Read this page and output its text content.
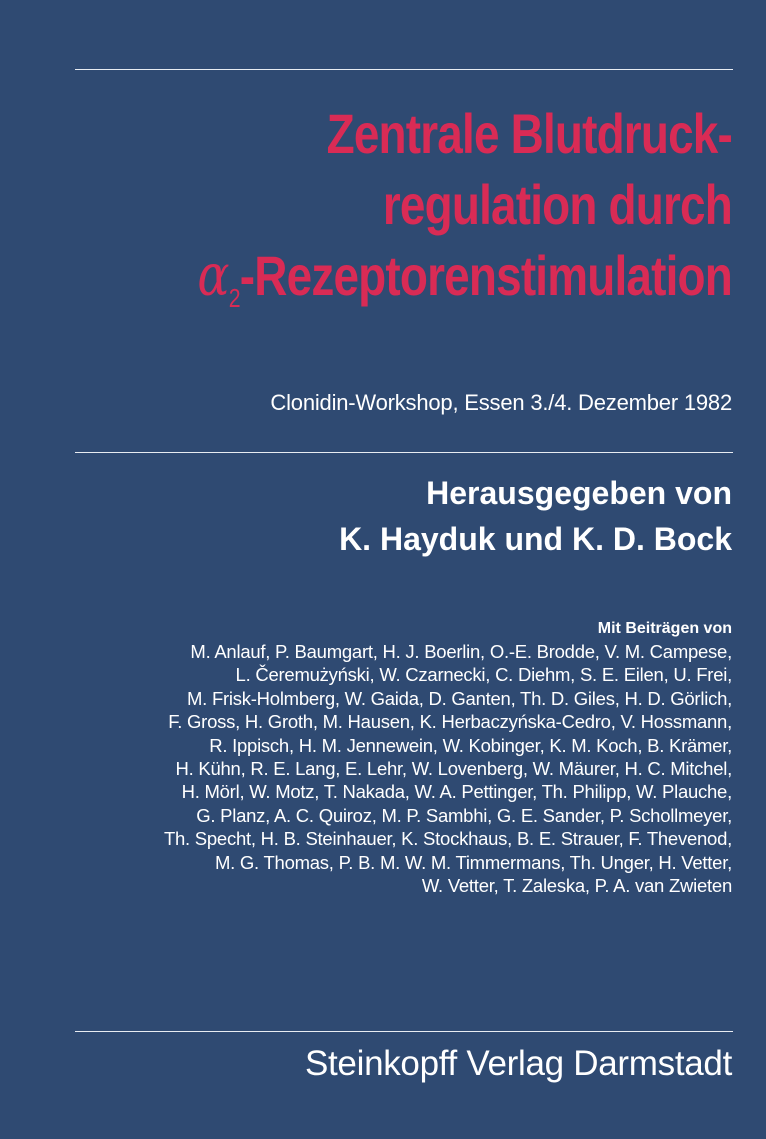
Zentrale Blutdruck-
regulation durch
$\alpha_2$-Rezeptorenstimulation
Clonidin-Workshop, Essen 3./4. Dezember 1982
Herausgegeben von
K. Hayduk und K. D. Bock
Mit Beiträgen von
M. Anlauf, P. Baumgart, H. J. Boerlin, O.-E. Brodde, V. M. Campese,
L. Čeremużyński, W. Czarnecki, C. Diehm, S. E. Eilen, U. Frei,
M. Frisk-Holmberg, W. Gaida, D. Ganten, Th. D. Giles, H. D. Görlich,
F. Gross, H. Groth, M. Hausen, K. Herbaczyńska-Cedro, V. Hossmann,
R. Ippisch, H. M. Jennewein, W. Kobinger, K. M. Koch, B. Krämer,
H. Kühn, R. E. Lang, E. Lehr, W. Lovenberg, W. Mäurer, H. C. Mitchel,
H. Mörl, W. Motz, T. Nakada, W. A. Pettinger, Th. Philipp, W. Plauche,
G. Planz, A. C. Quiroz, M. P. Sambhi, G. E. Sander, P. Schollmeyer,
Th. Specht, H. B. Steinhauer, K. Stockhaus, B. E. Strauer, F. Thevenod,
M. G. Thomas, P. B. M. W. M. Timmermans, Th. Unger, H. Vetter,
W. Vetter, T. Zaleska, P. A. van Zwieten
Steinkopff Verlag Darmstadt
